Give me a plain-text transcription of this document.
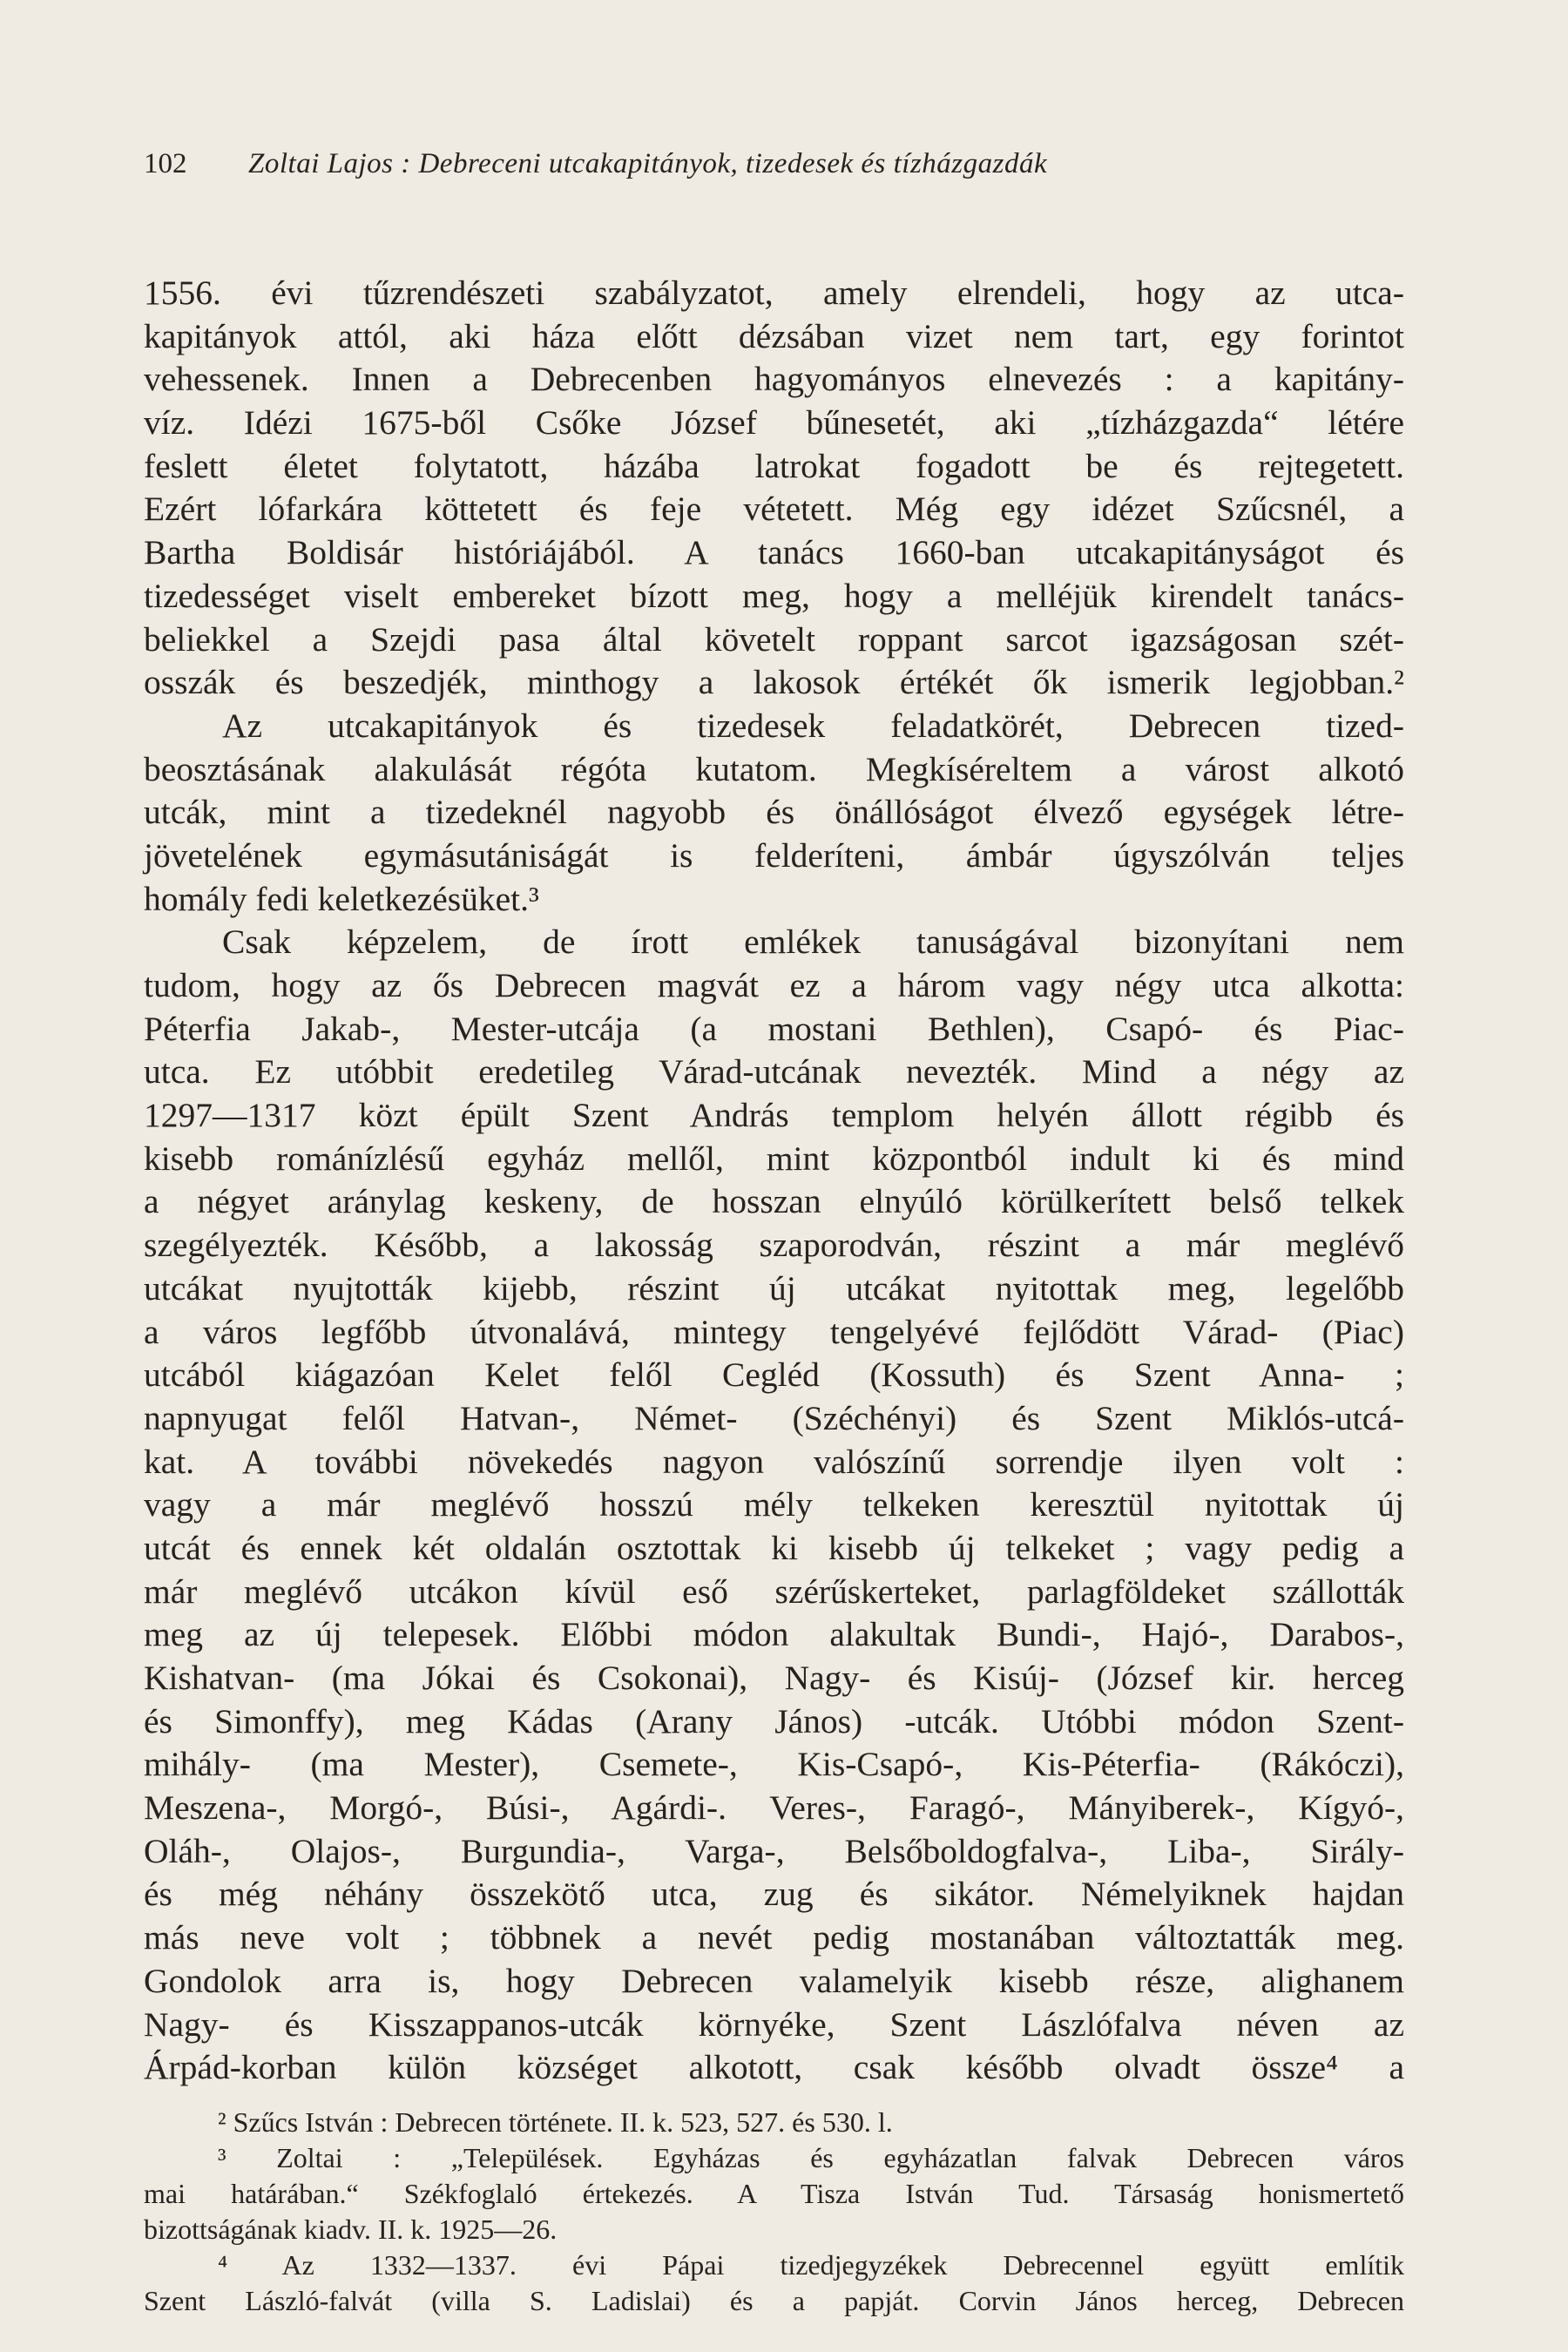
102 Zoltai Lajos : Debreceni utcakapitányok, tizedesek és tízházgazdák
1556. évi tűzrendészeti szabályzatot, amely elrendeli, hogy az utca-
kapitányok attól, aki háza előtt dézsában vizet nem tart, egy forintot
vehessenek. Innen a Debrecenben hagyományos elnevezés : a kapitány-
víz. Idézi 1675-ből Csőke József bűnesetét, aki „tízházgazda“ létére
feslett életet folytatott, házába latrokat fogadott be és rejtegetett.
Ezért lófarkára köttetett és feje vétetett. Még egy idézet Szűcsnél, a
Bartha Boldisár históriájából. A tanács 1660-ban utcakapitányságot és
tizedességet viselt embereket bízott meg, hogy a melléjük kirendelt tanács-
beliekkel a Szejdi pasa által követelt roppant sarcot igazságosan szét-
osszák és beszedjék, minthogy a lakosok értékét ők ismerik legjobban.²
Az utcakapitányok és tizedesek feladatkörét, Debrecen tized-
beosztásának alakulását régóta kutatom. Megkíséreltem a várost alkotó
utcák, mint a tizedeknél nagyobb és önállóságot élvező egységek létre-
jövetelének egymásutániságát is felderíteni, ámbár úgyszólván teljes
homály fedi keletkezésüket.³
Csak képzelem, de írott emlékek tanuságával bizonyítani nem
tudom, hogy az ős Debrecen magvát ez a három vagy négy utca alkotta:
Péterfia Jakab-, Mester-utcája (a mostani Bethlen), Csapó- és Piac-
utca. Ez utóbbit eredetileg Várad-utcának nevezték. Mind a négy az
1297—1317 közt épült Szent András templom helyén állott régibb és
kisebb románízlésű egyház mellől, mint központból indult ki és mind
a négyet aránylag keskeny, de hosszan elnyúló körülkerített belső telkek
szegélyezték. Később, a lakosság szaporodván, részint a már meglévő
utcákat nyujtották kijebb, részint új utcákat nyitottak meg, legelőbb
a város legfőbb útvonalává, mintegy tengelyévé fejlődött Várad- (Piac)
utcából kiágazóan Kelet felől Cegléd (Kossuth) és Szent Anna- ;
napnyugat felől Hatvan-, Német- (Széchényi) és Szent Miklós-utcá-
kat. A további növekedés nagyon valószínű sorrendje ilyen volt :
vagy a már meglévő hosszú mély telkeken keresztül nyitottak új
utcát és ennek két oldalán osztottak ki kisebb új telkeket ; vagy pedig a
már meglévő utcákon kívül eső szérűskerteket, parlagföldeket szállották
meg az új telepesek. Előbbi módon alakultak Bundi-, Hajó-, Darabos-,
Kishatvan- (ma Jókai és Csokonai), Nagy- és Kisúj- (József kir. herceg
és Simonffy), meg Kádas (Arany János) -utcák. Utóbbi módon Szent-
mihály- (ma Mester), Csemete-, Kis-Csapó-, Kis-Péterfia- (Rákóczi),
Meszena-, Morgó-, Búsi-, Agárdi-. Veres-, Faragó-, Mányiberek-, Kígyó-,
Oláh-, Olajos-, Burgundia-, Varga-, Belsőboldogfalva-, Liba-, Sirály-
és még néhány összekötő utca, zug és sikátor. Némelyiknek hajdan
más neve volt ; többnek a nevét pedig mostanában változtatták meg.
Gondolok arra is, hogy Debrecen valamelyik kisebb része, alighanem
Nagy- és Kisszappanos-utcák környéke, Szent Lászlófalva néven az
Árpád-korban külön községet alkotott, csak később olvadt össze⁴ a
² Szűcs István : Debrecen története. II. k. 523, 527. és 530. l.
³ Zoltai : „Települések. Egyházas és egyházatlan falvak Debrecen város
mai határában.“ Székfoglaló értekezés. A Tisza István Tud. Társaság honismertető
bizottságának kiadv. II. k. 1925—26.
⁴ Az 1332—1337. évi Pápai tizedjegyzékek Debrecennel együtt említik
Szent László-falvát (villa S. Ladislai) és a papját. Corvin János herceg, Debrecen
